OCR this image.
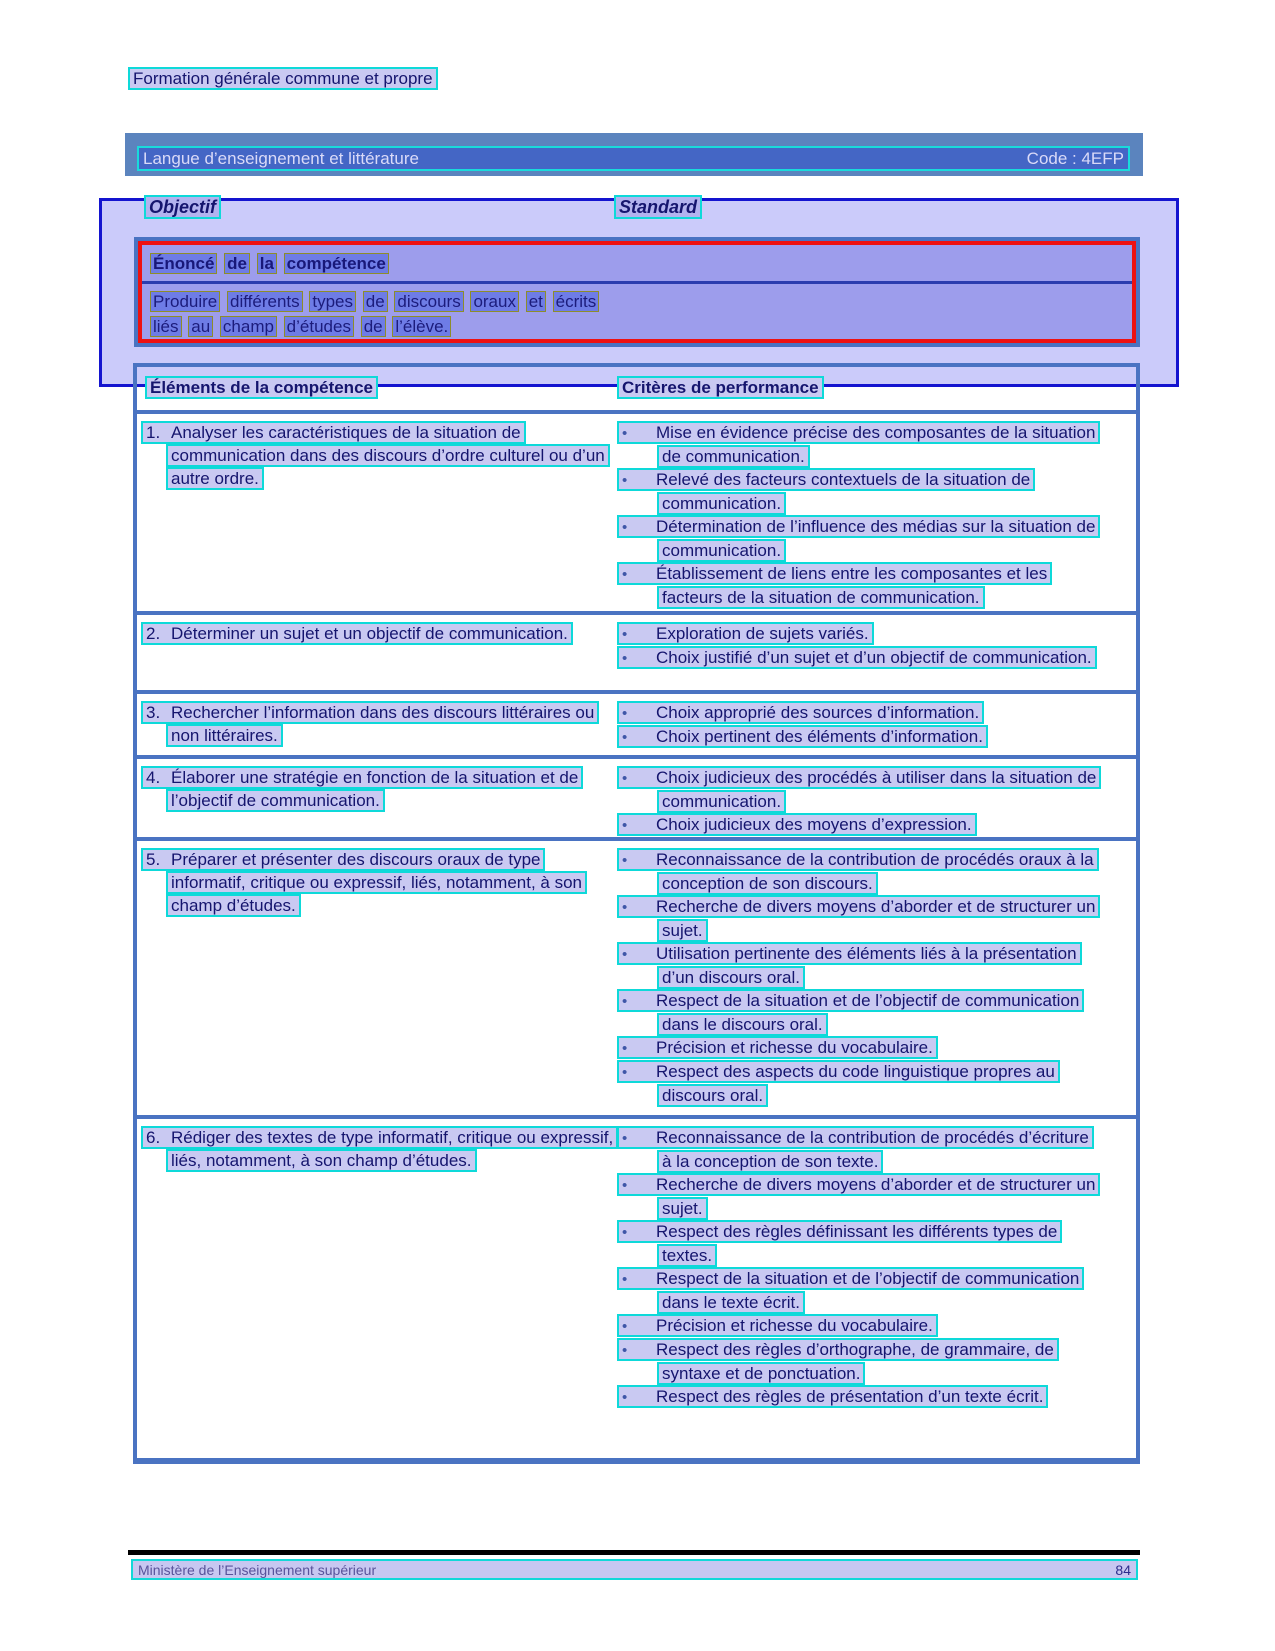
Formation générale commune et propre
Langue d’enseignement et littérature	Code : 4EFP
Objectif	Standard
Énoncé de la compétence
Produire différents types de discours oraux et écrits
liés au champ d’études de l’élève.
Éléments de la compétence	Critères de performance
1. Analyser les caractéristiques de la situation de communication dans des discours d’ordre culturel ou d’un autre ordre.
• Mise en évidence précise des composantes de la situation de communication.
• Relevé des facteurs contextuels de la situation de communication.
• Détermination de l’influence des médias sur la situation de communication.
• Établissement de liens entre les composantes et les facteurs de la situation de communication.
2. Déterminer un sujet et un objectif de communication.	• Exploration de sujets variés.
• Choix justifié d’un sujet et d’un objectif de communication.
3. Rechercher l’information dans des discours littéraires ou non littéraires.
• Choix approprié des sources d’information.
• Choix pertinent des éléments d’information.
4. Élaborer une stratégie en fonction de la situation et de l’objectif de communication.
• Choix judicieux des procédés à utiliser dans la situation de communication.
• Choix judicieux des moyens d’expression.
5. Préparer et présenter des discours oraux de type informatif, critique ou expressif, liés, notamment, à son champ d’études.
• Reconnaissance de la contribution de procédés oraux à la conception de son discours.
• Recherche de divers moyens d’aborder et de structurer un sujet.
• Utilisation pertinente des éléments liés à la présentation d’un discours oral.
• Respect de la situation et de l’objectif de communication dans le discours oral.
• Précision et richesse du vocabulaire.
• Respect des aspects du code linguistique propres au discours oral.
6. Rédiger des textes de type informatif, critique ou expressif, liés, notamment, à son champ d’études.
• Reconnaissance de la contribution de procédés d’écriture à la conception de son texte.
• Recherche de divers moyens d’aborder et de structurer un sujet.
• Respect des règles définissant les différents types de textes.
• Respect de la situation et de l’objectif de communication dans le texte écrit.
• Précision et richesse du vocabulaire.
• Respect des règles d’orthographe, de grammaire, de syntaxe et de ponctuation.
• Respect des règles de présentation d’un texte écrit.
Ministère de l’Enseignement supérieur	84
